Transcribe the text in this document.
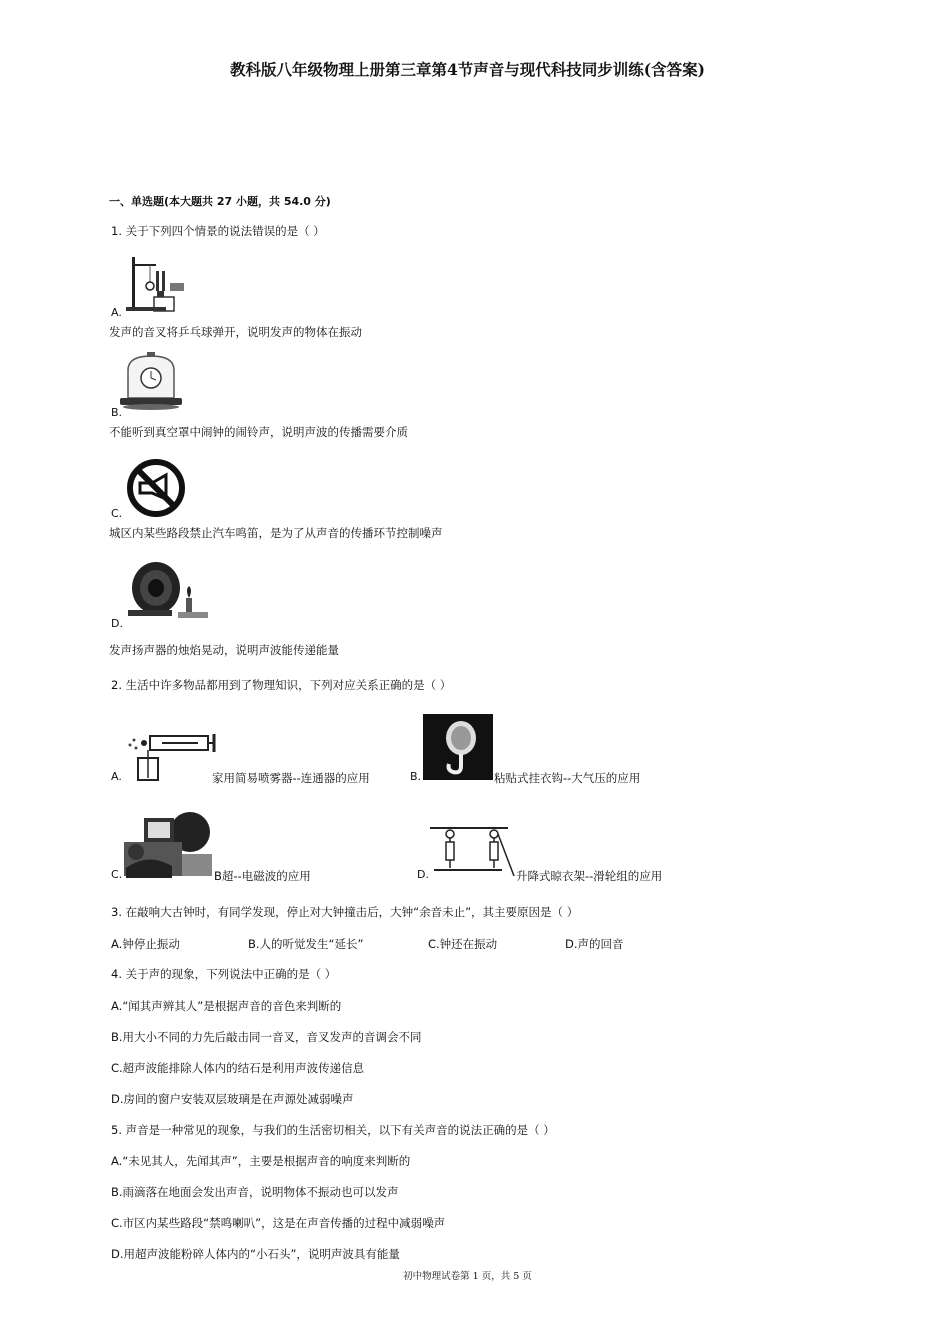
教科版八年级物理上册第三章第4节声音与现代科技同步训练(含答案)
一、单选题(本大题共 27 小题，共 54.0 分)
1. 关于下列四个情景的说法错误的是（ ）
A.
发声的音叉将乒乓球弹开，说明发声的物体在振动
B.
不能听到真空罩中闹钟的闹铃声，说明声波的传播需要介质
C.
城区内某些路段禁止汽车鸣笛，是为了从声音的传播环节控制噪声
D.
发声扬声器的烛焰晃动，说明声波能传递能量
2. 生活中许多物品都用到了物理知识，下列对应关系正确的是（ ）
A.	家用简易喷雾器--连通器的应用	B.	粘贴式挂衣钩--大气压的应用
C.	B超--电磁波的应用	D.	升降式晾衣架--滑轮组的应用
3. 在敲响大古钟时，有同学发现，停止对大钟撞击后，大钟“余音未止”，其主要原因是（ ）
A.钟停止振动	B.人的听觉发生“延长”	C.钟还在振动	D.声的回音
4. 关于声的现象，下列说法中正确的是（ ）
A.“闻其声辨其人”是根据声音的音色来判断的
B.用大小不同的力先后敲击同一音叉，音叉发声的音调会不同
C.超声波能排除人体内的结石是利用声波传递信息
D.房间的窗户安装双层玻璃是在声源处减弱噪声
5. 声音是一种常见的现象，与我们的生活密切相关，以下有关声音的说法正确的是（ ）
A.“未见其人，先闻其声”，主要是根据声音的响度来判断的
B.雨滴落在地面会发出声音，说明物体不振动也可以发声
C.市区内某些路段“禁鸣喇叭”，这是在声音传播的过程中减弱噪声
D.用超声波能粉碎人体内的“小石头”，说明声波具有能量
初中物理试卷第 1 页，共 5 页
